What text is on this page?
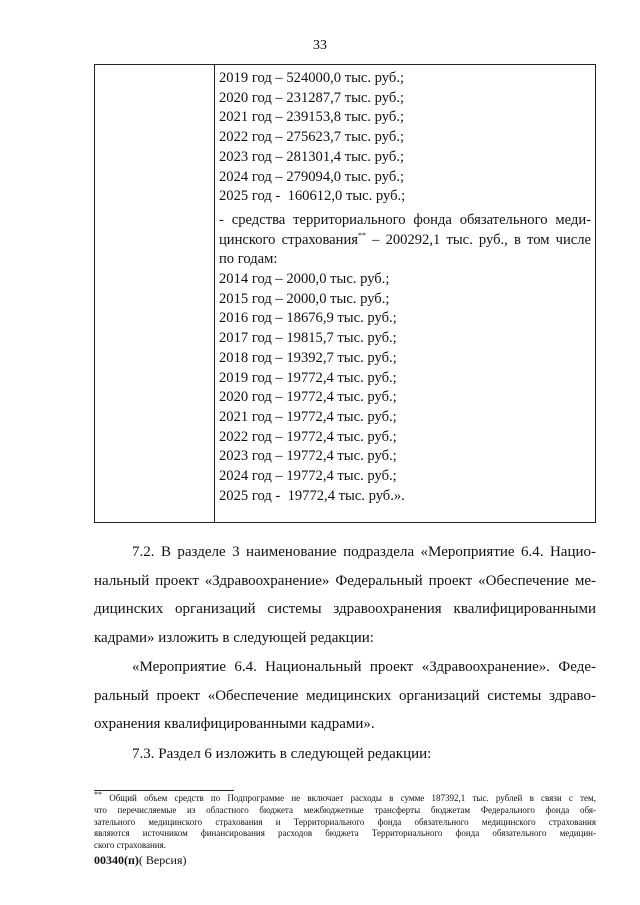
33
2019 год – 524000,0 тыс. руб.;
2020 год – 231287,7 тыс. руб.;
2021 год – 239153,8 тыс. руб.;
2022 год – 275623,7 тыс. руб.;
2023 год – 281301,4 тыс. руб.;
2024 год – 279094,0 тыс. руб.;
2025 год -  160612,0 тыс. руб.;

- средства территориального фонда обязательного меди-
цинского страхования** – 200292,1 тыс. руб., в том числе
по годам:

2014 год – 2000,0 тыс. руб.;
2015 год – 2000,0 тыс. руб.;
2016 год – 18676,9 тыс. руб.;
2017 год – 19815,7 тыс. руб.;
2018 год – 19392,7 тыс. руб.;
2019 год – 19772,4 тыс. руб.;
2020 год – 19772,4 тыс. руб.;
2021 год – 19772,4 тыс. руб.;
2022 год – 19772,4 тыс. руб.;
2023 год – 19772,4 тыс. руб.;
2024 год – 19772,4 тыс. руб.;
2025 год -  19772,4 тыс. руб.».

7.2. В разделе 3 наименование подраздела «Мероприятие 6.4. Нацио-
нальный проект «Здравоохранение» Федеральный проект «Обеспечение ме-
дицинских организаций системы здравоохранения квалифицированными
кадрами» изложить в следующей редакции:

«Мероприятие 6.4. Национальный проект «Здравоохранение». Феде-
ральный проект «Обеспечение медицинских организаций системы здраво-
охранения квалифицированными кадрами».

7.3. Раздел 6 изложить в следующей редакции:

** Общий объем средств по Подпрограмме не включает расходы в сумме 187392,1 тыс. рублей в связи с тем,
что перечисляемые из областного бюджета межбюджетные трансферты бюджетам Федерального фонда обя-
зательного медицинского страхования и Территориального фонда обязательного медицинского страхования
являются источником финансирования расходов бюджета Территориального фонда обязательного медицин-
ского страхования.
00340(п)( Версия)
